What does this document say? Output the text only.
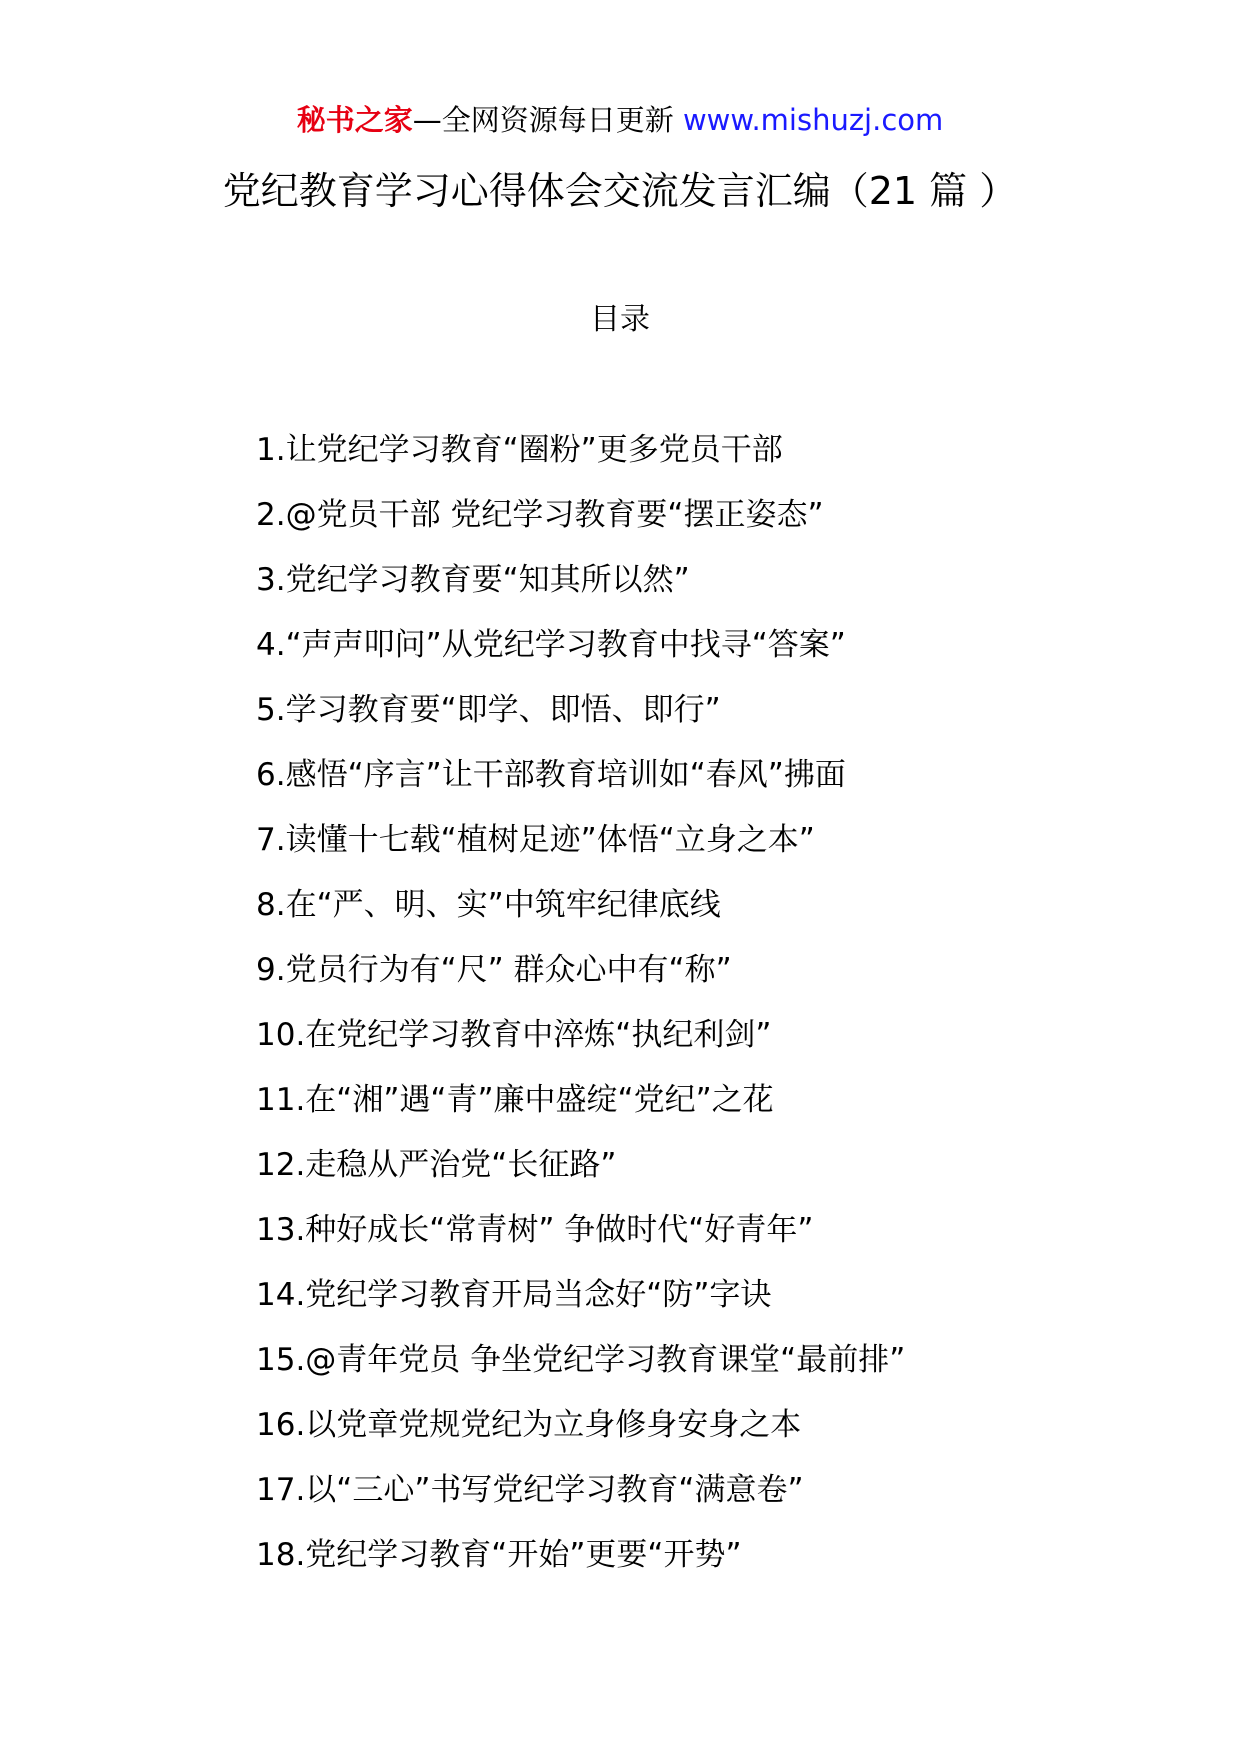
秘书之家—全网资源每日更新 www.mishuzj.com
党纪教育学习心得体会交流发言汇编（21 篇 ）
目录
1.让党纪学习教育“圈粉”更多党员干部
2.@党员干部 党纪学习教育要“摆正姿态”
3.党纪学习教育要“知其所以然”
4.“声声叩问”从党纪学习教育中找寻“答案”
5.学习教育要“即学、即悟、即行”
6.感悟“序言”让干部教育培训如“春风”拂面
7.读懂十七载“植树足迹”体悟“立身之本”
8.在“严、明、实”中筑牢纪律底线
9.党员行为有“尺” 群众心中有“称”
10.在党纪学习教育中淬炼“执纪利剑”
11.在“湘”遇“青”廉中盛绽“党纪”之花
12.走稳从严治党“长征路”
13.种好成长“常青树” 争做时代“好青年”
14.党纪学习教育开局当念好“防”字诀
15.@青年党员 争坐党纪学习教育课堂“最前排”
16.以党章党规党纪为立身修身安身之本
17.以“三心”书写党纪学习教育“满意卷”
18.党纪学习教育“开始”更要“开势”
